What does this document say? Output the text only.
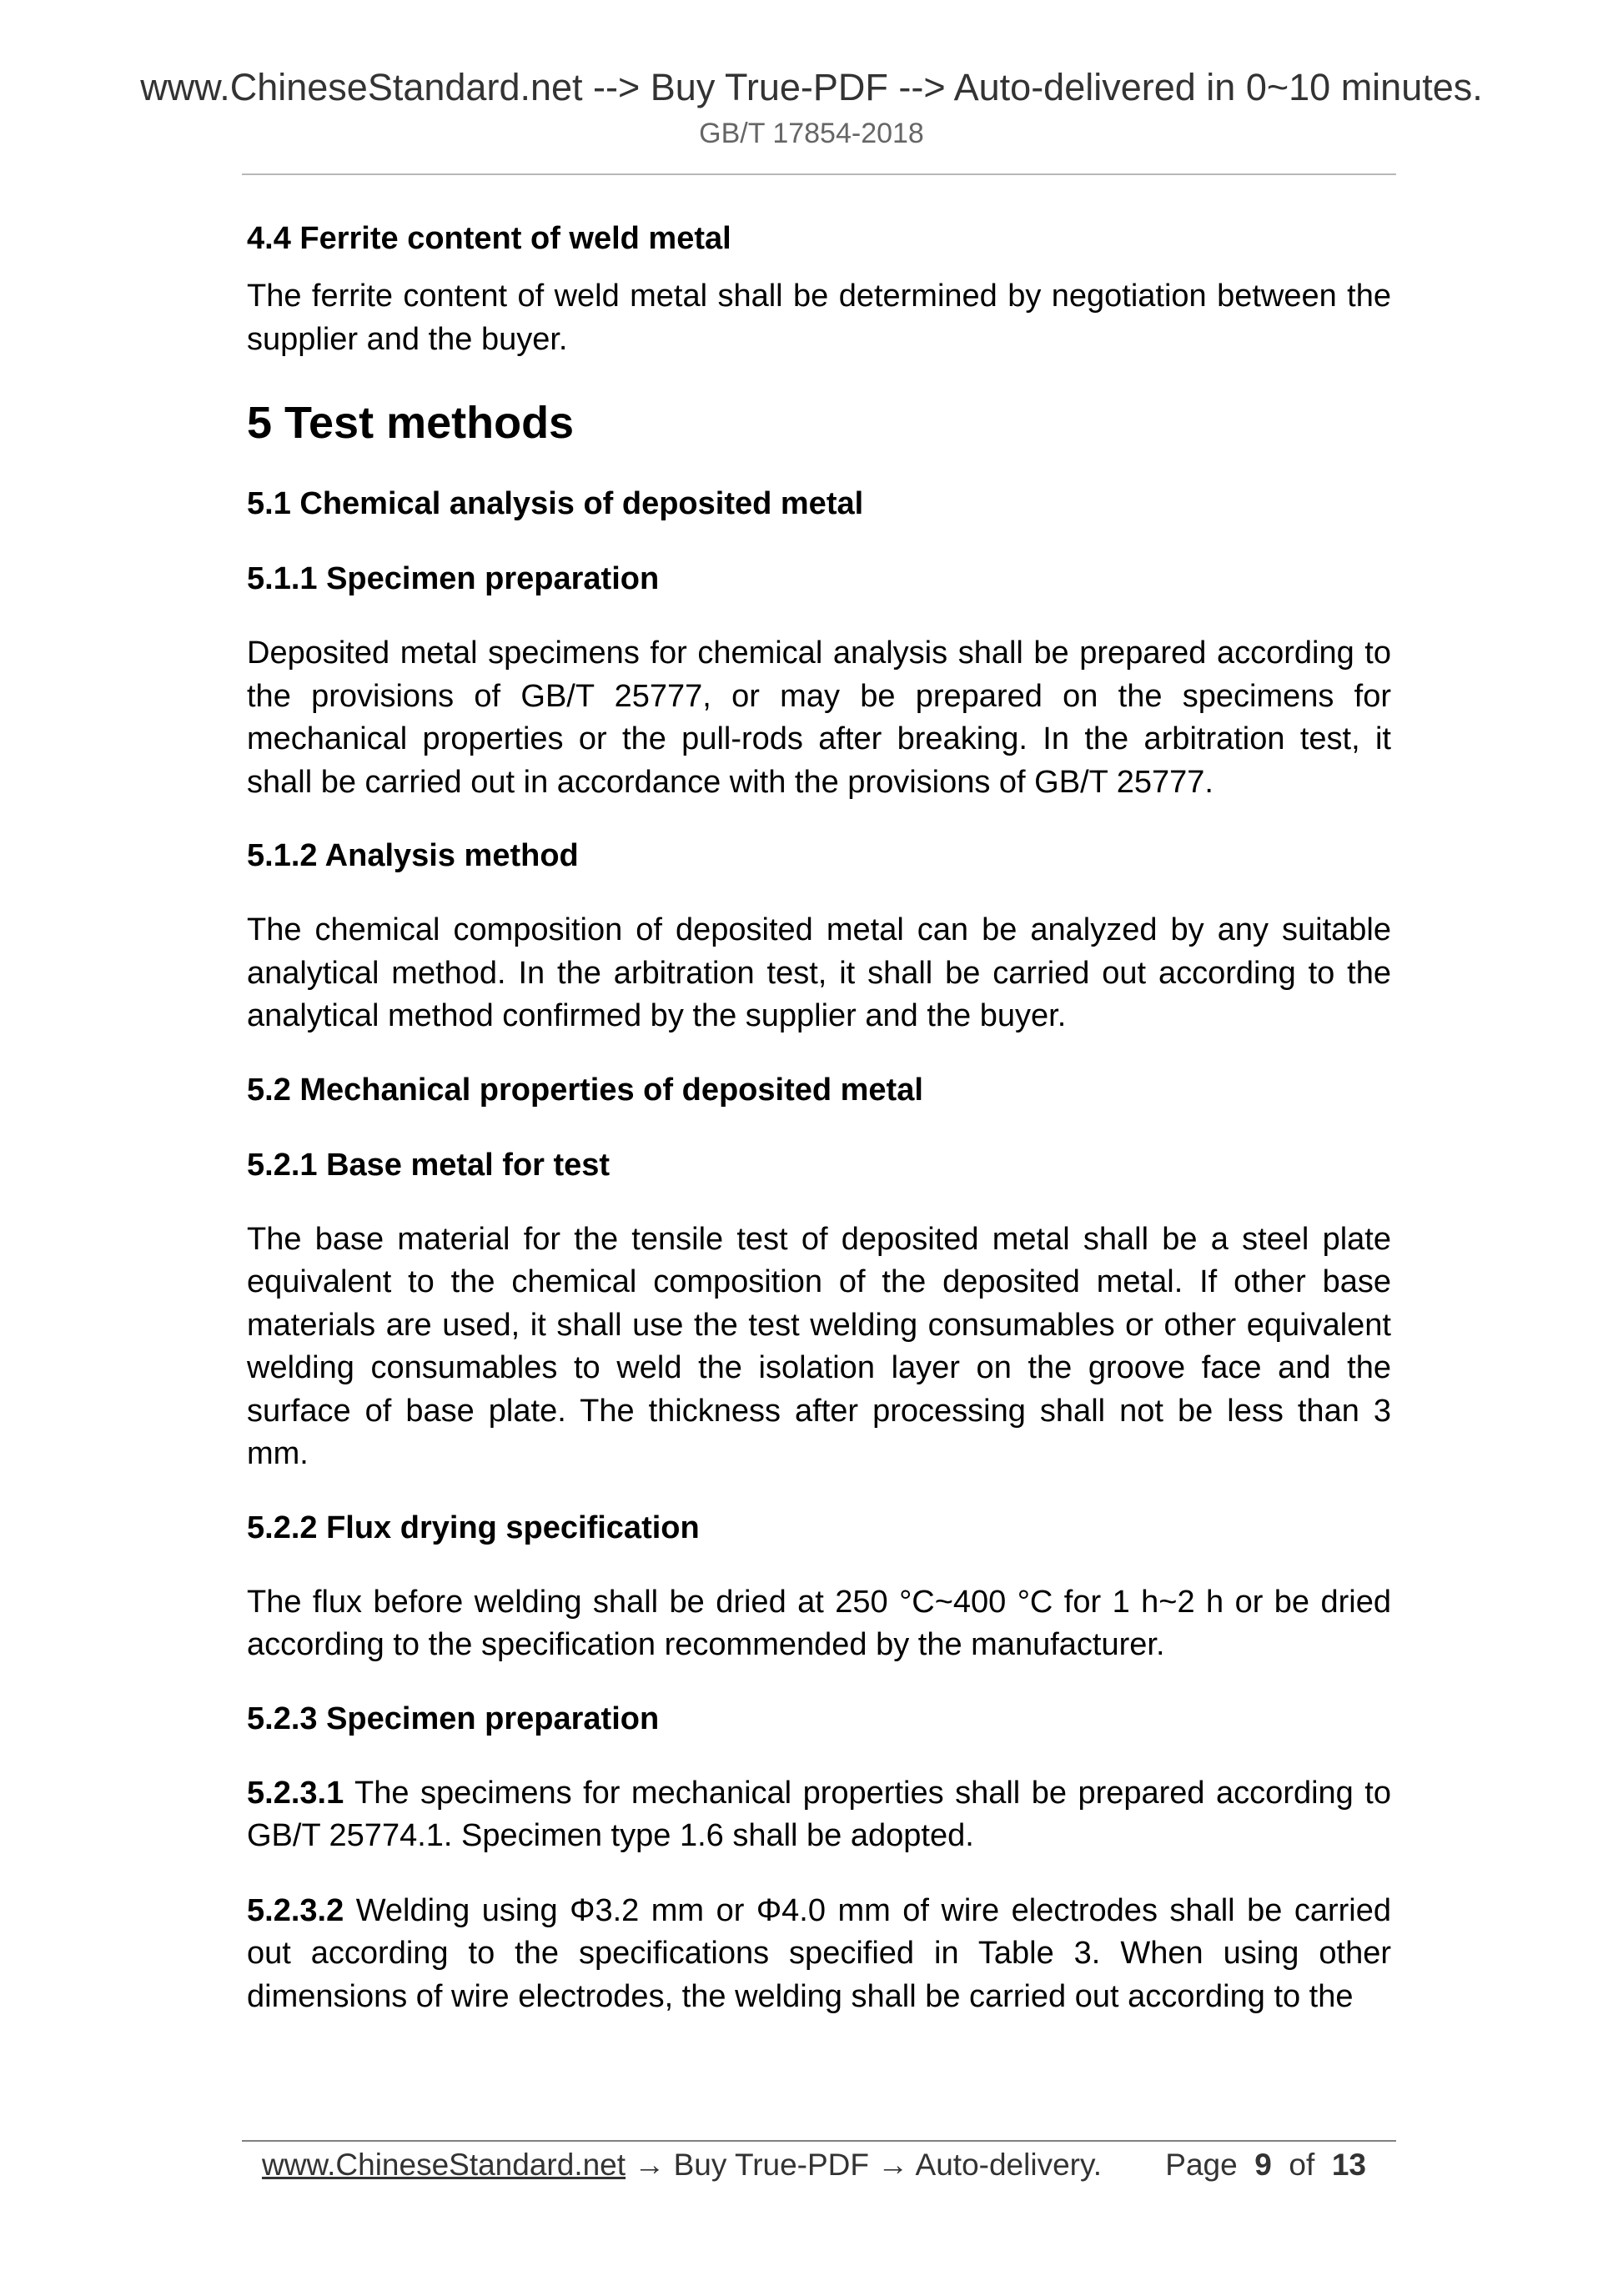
www.ChineseStandard.net --> Buy True-PDF --> Auto-delivered in 0~10 minutes.
GB/T 17854-2018

4.4 Ferrite content of weld metal

The ferrite content of weld metal shall be determined by negotiation between the supplier and the buyer.

5 Test methods

5.1 Chemical analysis of deposited metal

5.1.1 Specimen preparation

Deposited metal specimens for chemical analysis shall be prepared according to the provisions of GB/T 25777, or may be prepared on the specimens for mechanical properties or the pull-rods after breaking. In the arbitration test, it shall be carried out in accordance with the provisions of GB/T 25777.

5.1.2 Analysis method

The chemical composition of deposited metal can be analyzed by any suitable analytical method. In the arbitration test, it shall be carried out according to the analytical method confirmed by the supplier and the buyer.

5.2 Mechanical properties of deposited metal

5.2.1 Base metal for test

The base material for the tensile test of deposited metal shall be a steel plate equivalent to the chemical composition of the deposited metal. If other base materials are used, it shall use the test welding consumables or other equivalent welding consumables to weld the isolation layer on the groove face and the surface of base plate. The thickness after processing shall not be less than 3 mm.

5.2.2 Flux drying specification

The flux before welding shall be dried at 250 °C~400 °C for 1 h~2 h or be dried according to the specification recommended by the manufacturer.

5.2.3 Specimen preparation

5.2.3.1 The specimens for mechanical properties shall be prepared according to GB/T 25774.1. Specimen type 1.6 shall be adopted.

5.2.3.2 Welding using Φ3.2 mm or Φ4.0 mm of wire electrodes shall be carried out according to the specifications specified in Table 3. When using other dimensions of wire electrodes, the welding shall be carried out according to the

www.ChineseStandard.net → Buy True-PDF → Auto-delivery. Page 9 of 13
